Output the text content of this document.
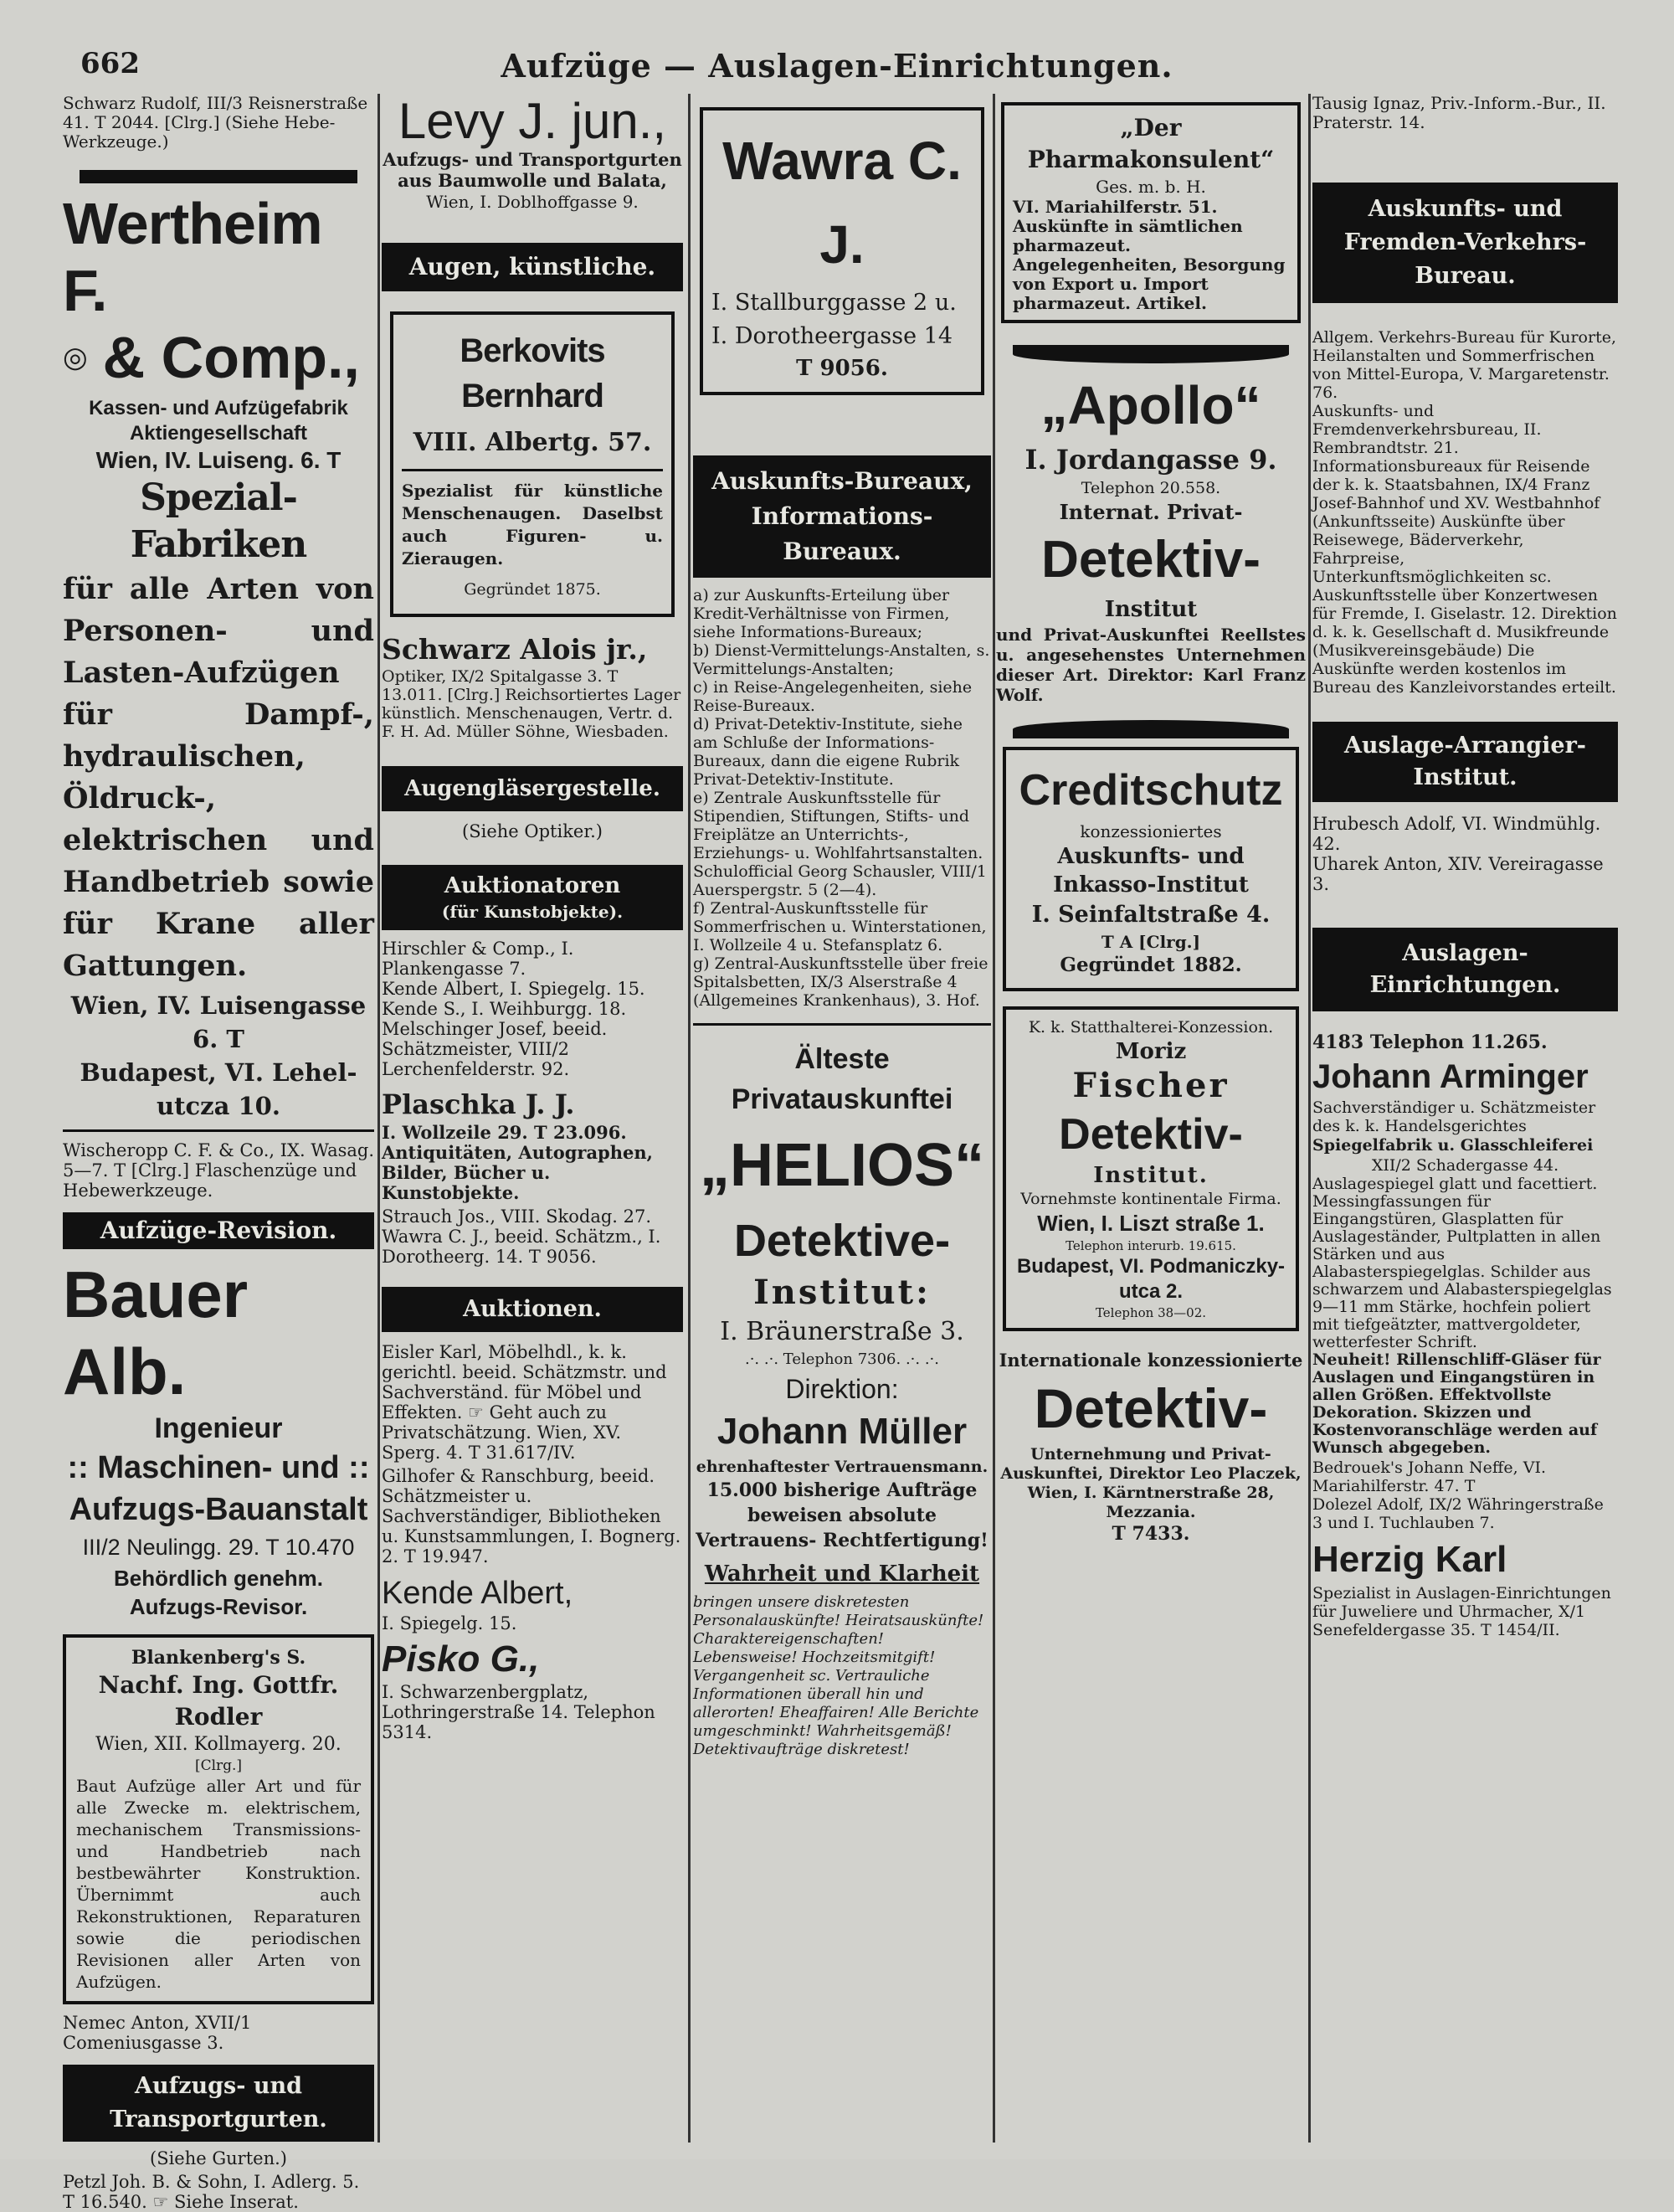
662	Aufzüge — Auslagen-Einrichtungen.
Schwarz Rudolf, III/3 Reisnerstraße 41. T 2044. [Clrg.] (Siehe Hebe-Werkzeuge.)
Wertheim F.
◎ & Comp.,
Kassen- und Aufzügefabrik Aktiengesellschaft
Wien, IV. Luiseng. 6. T
Spezial-Fabriken
für alle Arten von Personen- und Lasten-Aufzügen für Dampf-, hydraulischen, Öldruck-, elektrischen und Handbetrieb sowie für Krane aller Gattungen.
Wien, IV. Luisengasse 6. T
Budapest, VI. Lehel-utcza 10.
Wischeropp C. F. & Co., IX. Wasag. 5—7. T [Clrg.] Flaschenzüge und Hebewerkzeuge.
Aufzüge-Revision.
Bauer Alb.
Ingenieur
:: Maschinen- und ::
Aufzugs-Bauanstalt
III/2 Neulingg. 29. T 10.470
Behördlich genehm.
Aufzugs-Revisor.
Blankenberg's S.
Nachf. Ing. Gottfr. Rodler
Wien, XII. Kollmayerg. 20.
[Clrg.]
Baut Aufzüge aller Art und für alle Zwecke m. elektrischem, mechanischem Transmissions- und Handbetrieb nach bestbewährter Konstruktion. Übernimmt auch Rekonstruktionen, Reparaturen sowie die periodischen Revisionen aller Arten von Aufzügen.
Nemec Anton, XVII/1 Comeniusgasse 3.
Aufzugs- und Transportgurten.
(Siehe Gurten.)
Petzl Joh. B. & Sohn, I. Adlerg. 5. T 16.540. ☞ Siehe Inserat.
Levy J. jun.,
Aufzugs- und Transportgurten aus Baumwolle und Balata,
Wien, I. Doblhoffgasse 9.
Augen, künstliche.
Berkovits Bernhard
VIII. Albertg. 57.
Spezialist für künstliche Menschenaugen. Daselbst auch Figuren- u. Zieraugen.
Gegründet 1875.
Schwarz Alois jr.,
Optiker, IX/2 Spitalgasse 3. T 13.011. [Clrg.] Reichsortiertes Lager künstlich. Menschenaugen, Vertr. d. F. H. Ad. Müller Söhne, Wiesbaden.
Augengläsergestelle.
(Siehe Optiker.)
Auktionatoren
(für Kunstobjekte).
Hirschler & Comp., I. Plankengasse 7.
Kende Albert, I. Spiegelg. 15.
Kende S., I. Weihburgg. 18.
Melschinger Josef, beeid. Schätzmeister, VIII/2 Lerchenfelderstr. 92.
Plaschka J. J.
I. Wollzeile 29. T 23.096. Antiquitäten, Autographen, Bilder, Bücher u. Kunstobjekte.
Strauch Jos., VIII. Skodag. 27.
Wawra C. J., beeid. Schätzm., I. Dorotheerg. 14. T 9056.
Auktionen.
Eisler Karl, Möbelhdl., k. k. gerichtl. beeid. Schätzmstr. und Sachverständ. für Möbel und Effekten. ☞ Geht auch zu Privatschätzung. Wien, XV. Sperg. 4. T 31.617/IV.
Gilhofer & Ranschburg, beeid. Schätzmeister u. Sachverständiger, Bibliotheken u. Kunstsammlungen, I. Bognerg. 2. T 19.947.
Kende Albert,
I. Spiegelg. 15.
Pisko G.,
I. Schwarzenbergplatz, Lothringerstraße 14. Telephon 5314.
Wawra C. J.
I. Stallburggasse 2 u.
I. Dorotheergasse 14
T 9056.
Auskunfts-Bureaux, Informations-Bureaux.
a) zur Auskunfts-Erteilung über Kredit-Verhältnisse von Firmen, siehe Informations-Bureaux;
b) Dienst-Vermittelungs-Anstalten, s. Vermittelungs-Anstalten;
c) in Reise-Angelegenheiten, siehe Reise-Bureaux.
d) Privat-Detektiv-Institute, siehe am Schluße der Informations-Bureaux, dann die eigene Rubrik Privat-Detektiv-Institute.
e) Zentrale Auskunftsstelle für Stipendien, Stiftungen, Stifts- und Freiplätze an Unterrichts-, Erziehungs- u. Wohlfahrtsanstalten. Schulofficial Georg Schausler, VIII/1 Auerspergstr. 5 (2—4).
f) Zentral-Auskunftsstelle für Sommerfrischen u. Winterstationen, I. Wollzeile 4 u. Stefansplatz 6.
g) Zentral-Auskunftsstelle über freie Spitalsbetten, IX/3 Alserstraße 4 (Allgemeines Krankenhaus), 3. Hof.
Älteste Privatauskunftei
„HELIOS“
Detektive-
Institut:
I. Bräunerstraße 3.
.·. .·. Telephon 7306. .·. .·.
Direktion:
Johann Müller
ehrenhaftester Vertrauensmann.
15.000 bisherige Aufträge beweisen absolute Vertrauens- Rechtfertigung!
Wahrheit und Klarheit
bringen unsere diskretesten Personalauskünfte! Heiratsauskünfte! Charaktereigenschaften! Lebensweise! Hochzeitsmitgift! Vergangenheit sc. Vertrauliche Informationen überall hin und allerorten! Eheaffairen! Alle Berichte umgeschminkt! Wahrheitsgemäß! Detektivaufträge diskretest!
„Der Pharmakonsulent“
Ges. m. b. H.
VI. Mariahilferstr. 51. Auskünfte in sämtlichen pharmazeut. Angelegenheiten, Besorgung von Export u. Import pharmazeut. Artikel.
„Apollo“
I. Jordangasse 9.
Telephon 20.558.
Internat. Privat-
Detektiv-
Institut
und Privat-Auskunftei Reellstes u. angesehenstes Unternehmen dieser Art. Direktor: Karl Franz Wolf.
Creditschutz
konzessioniertes
Auskunfts- und Inkasso-Institut
I. Seinfaltstraße 4.
T A [Clrg.]
Gegründet 1882.
K. k. Statthalterei-Konzession.
Moriz
Fischer
Detektiv-
Institut.
Vornehmste kontinentale Firma.
Wien, I. Liszt straße 1.
Telephon interurb. 19.615.
Budapest, VI. Podmaniczky-utca 2.
Telephon 38—02.
Internationale konzessionierte
Detektiv-
Unternehmung und Privat-Auskunftei, Direktor Leo Placzek, Wien, I. Kärntnerstraße 28, Mezzania.
T 7433.
Tausig Ignaz, Priv.-Inform.-Bur., II. Praterstr. 14.
Auskunfts- und Fremden-Verkehrs-Bureau.
Allgem. Verkehrs-Bureau für Kurorte, Heilanstalten und Sommerfrischen von Mittel-Europa, V. Margaretenstr. 76.
Auskunfts- und Fremdenverkehrsbureau, II. Rembrandtstr. 21.
Informationsbureaux für Reisende der k. k. Staatsbahnen, IX/4 Franz Josef-Bahnhof und XV. Westbahnhof (Ankunftsseite) Auskünfte über Reisewege, Bäderverkehr, Fahrpreise, Unterkunftsmöglichkeiten sc.
Auskunftsstelle über Konzertwesen für Fremde, I. Giselastr. 12. Direktion d. k. k. Gesellschaft d. Musikfreunde (Musikvereinsgebäude) Die Auskünfte werden kostenlos im Bureau des Kanzleivorstandes erteilt.
Auslage-Arrangier-Institut.
Hrubesch Adolf, VI. Windmühlg. 42.
Uharek Anton, XIV. Vereiragasse 3.
Auslagen-Einrichtungen.
4183 Telephon 11.265.
Johann Arminger
Sachverständiger u. Schätzmeister des k. k. Handelsgerichtes
Spiegelfabrik u. Glasschleiferei
XII/2 Schadergasse 44.
Auslagespiegel glatt und facettiert. Messingfassungen für Eingangstüren, Glasplatten für Auslageständer, Pultplatten in allen Stärken und aus Alabasterspiegelglas. Schilder aus schwarzem und Alabasterspiegelglas 9—11 mm Stärke, hochfein poliert mit tiefgeätzter, mattvergoldeter, wetterfester Schrift.
Neuheit! Rillenschliff-Gläser für Auslagen und Eingangstüren in allen Größen. Effektvollste Dekoration. Skizzen und Kostenvoranschläge werden auf Wunsch abgegeben.
Bedrouek's Johann Neffe, VI. Mariahilferstr. 47. T
Dolezel Adolf, IX/2 Währingerstraße 3 und I. Tuchlauben 7.
Herzig Karl
Spezialist in Auslagen-Einrichtungen für Juweliere und Uhrmacher, X/1 Senefeldergasse 35. T 1454/II.
